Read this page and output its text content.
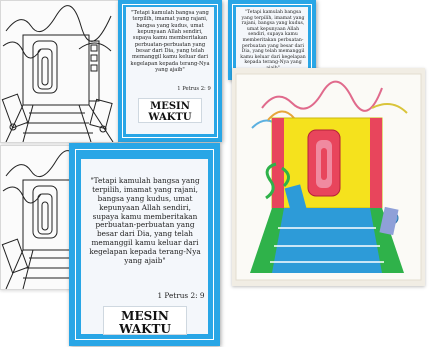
"Tetapi kamulah bangsa yang terpilih, imamat yang rajani, bangsa yang kudus, umat kepunyaan Allah sendiri, supaya kamu memberitakan perbuatan-perbuatan yang besar dari Dia, yang telah memanggil kamu keluar dari kegelapan kepada terang-Nya yang ajaib"
1 Petrus 2: 9
MESIN
WAKTU
"Tetapi kamulah bangsa yang terpilih, imamat yang rajani, bangsa yang kudus, umat kepunyaan Allah sendiri, supaya kamu memberitakan perbuatan-perbuatan yang besar dari Dia, yang telah memanggil kamu keluar dari kegelapan kepada terang-Nya yang
"Tetapi kamulah bangsa yang terpilih, imamat yang rajani, bangsa yang kudus, umat kepunyaan Allah sendiri, supaya kamu memberitakan perbuatan-perbuatan yang besar dari Dia, yang telah memanggil kamu keluar dari kegelapan kepada terang-Nya yang ajaib"
1 Petrus 2: 9
MESIN
WAKTU
